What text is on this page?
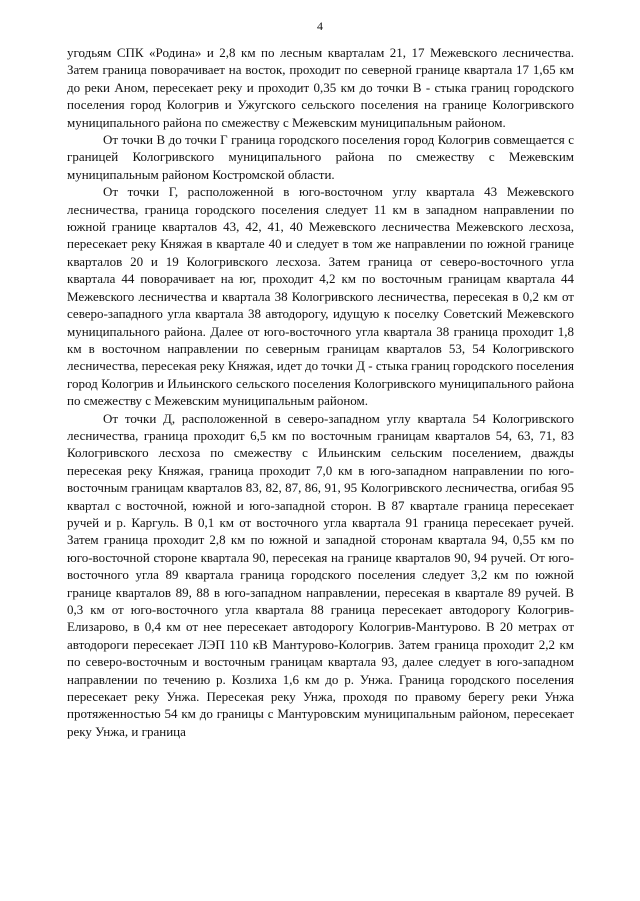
4

угодьям СПК «Родина» и 2,8 км по лесным кварталам 21, 17 Межевского лесничества. Затем граница поворачивает на восток, проходит по северной границе квартала 17 1,65 км до реки Аном, пересекает реку и проходит 0,35 км до точки В - стыка границ городского поселения город Кологрив и Ужугского сельского поселения на границе Кологривского муниципального района по смежеству с Межевским муниципальным районом.

От точки В до точки Г граница городского поселения город Кологрив совмещается с границей Кологривского муниципального района по смежеству с Межевским муниципальным районом Костромской области.

От точки Г, расположенной в юго-восточном углу квартала 43 Межевского лесничества, граница городского поселения следует 11 км в западном направлении по южной границе кварталов 43, 42, 41, 40 Межевского лесничества Межевского лесхоза, пересекает реку Княжая в квартале 40 и следует в том же направлении по южной границе кварталов 20 и 19 Кологривского лесхоза. Затем граница от северо-восточного угла квартала 44 поворачивает на юг, проходит 4,2 км по восточным границам квартала 44 Межевского лесничества и квартала 38 Кологривского лесничества, пересекая в 0,2 км от северо-западного угла квартала 38 автодорогу, идущую к поселку Советский Межевского муниципального района. Далее от юго-восточного угла квартала 38 граница проходит 1,8 км в восточном направлении по северным границам кварталов 53, 54 Кологривского лесничества, пересекая реку Княжая, идет до точки Д - стыка границ городского поселения город Кологрив и Ильинского сельского поселения Кологривского муниципального района по смежеству с Межевским муниципальным районом.

От точки Д, расположенной в северо-западном углу квартала 54 Кологривского лесничества, граница проходит 6,5 км по восточным границам кварталов 54, 63, 71, 83 Кологривского лесхоза по смежеству с Ильинским сельским поселением, дважды пересекая реку Княжая, граница проходит 7,0 км в юго-западном направлении по юго-восточным границам кварталов 83, 82, 87, 86, 91, 95 Кологривского лесничества, огибая 95 квартал с восточной, южной и юго-западной сторон. В 87 квартале граница пересекает ручей и р. Каргуль. В 0,1 км от восточного угла квартала 91 граница пересекает ручей. Затем граница проходит 2,8 км по южной и западной сторонам квартала 94, 0,55 км по юго-восточной стороне квартала 90, пересекая на границе кварталов 90, 94 ручей. От юго-восточного угла 89 квартала граница городского поселения следует 3,2 км по южной границе кварталов 89, 88 в юго-западном направлении, пересекая в квартале 89 ручей. В 0,3 км от юго-восточного угла квартала 88 граница пересекает автодорогу Кологрив-Елизарово, в 0,4 км от нее пересекает автодорогу Кологрив-Мантурово. В 20 метрах от автодороги пересекает ЛЭП 110 кВ Мантурово-Кологрив. Затем граница проходит 2,2 км по северо-восточным и восточным границам квартала 93, далее следует в юго-западном направлении по течению р. Козлиха 1,6 км до р. Унжа. Граница городского поселения пересекает реку Унжа. Пересекая реку Унжа, проходя по правому берегу реки Унжа протяженностью 54 км до границы с Мантуровским муниципальным районом, пересекает реку Унжа, и граница
